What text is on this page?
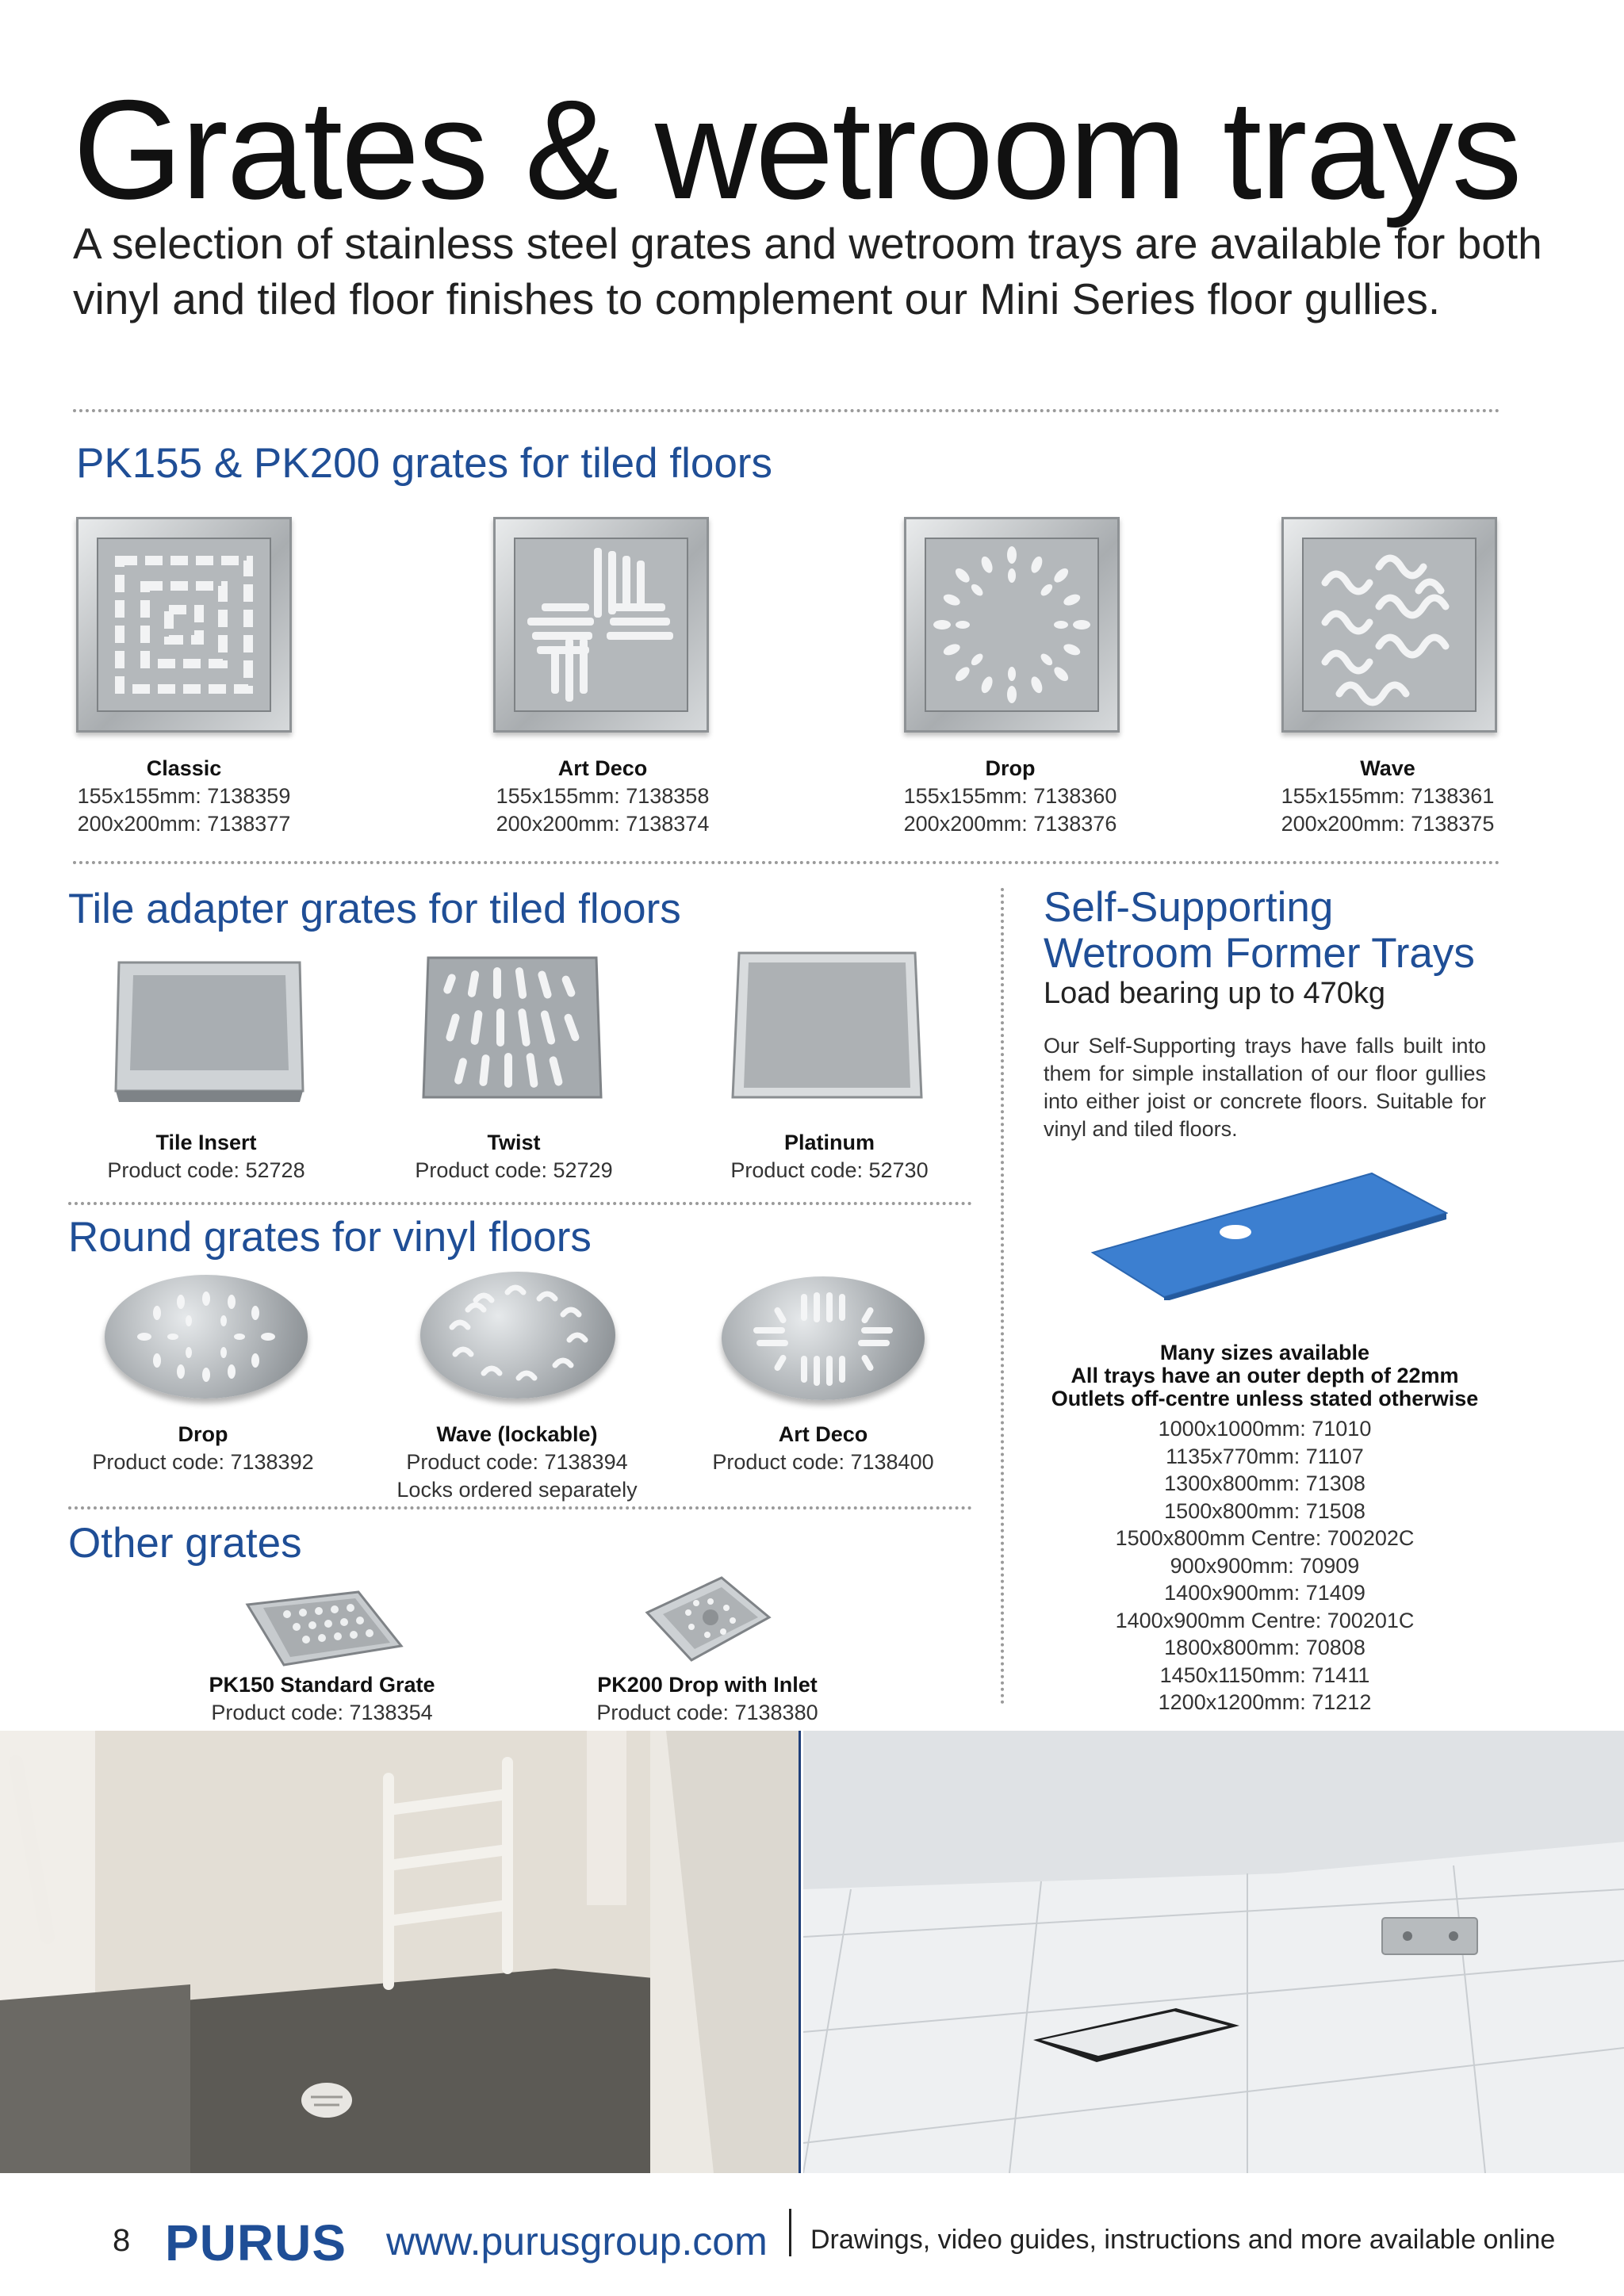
Grates & wetroom trays

A selection of stainless steel grates and wetroom trays are available for both vinyl and tiled floor finishes to complement our Mini Series floor gullies.

PK155 & PK200 grates for tiled floors
Classic
155x155mm: 7138359
200x200mm: 7138377
Art Deco
155x155mm: 7138358
200x200mm: 7138374
Drop
155x155mm: 7138360
200x200mm: 7138376
Wave
155x155mm: 7138361
200x200mm: 7138375
Tile adapter grates for tiled floors
Tile Insert
Product code: 52728
Twist
Product code: 52729
Platinum
Product code: 52730
Round grates for vinyl floors
Drop
Product code: 7138392
Wave (lockable)
Product code: 7138394
Locks ordered separately
Art Deco
Product code: 7138400
Other grates
PK150 Standard Grate
Product code: 7138354
PK200 Drop with Inlet
Product code: 7138380
Self-Supporting
Wetroom Former Trays
Load bearing up to 470kg

Our Self-Supporting trays have falls built into them for simple installation of our floor gullies into either joist or concrete floors. Suitable for vinyl and tiled floors.

Many sizes available
All trays have an outer depth of 22mm
Outlets off-centre unless stated otherwise
1000x1000mm: 71010
1135x770mm: 71107
1300x800mm: 71308
1500x800mm: 71508
1500x800mm Centre: 700202C
900x900mm: 70909
1400x900mm: 71409
1400x900mm Centre: 700201C
1800x800mm: 70808
1450x1150mm: 71411
1200x1200mm: 71212
8 PURUS www.purusgroup.com Drawings, video guides, instructions and more available online
